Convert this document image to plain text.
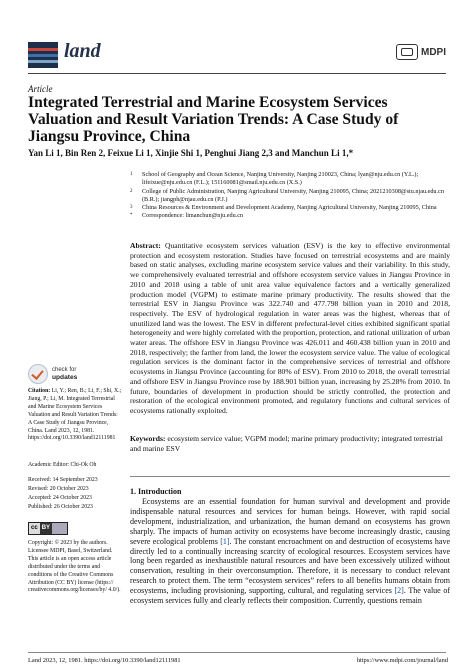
land	MDPI
Article
Integrated Terrestrial and Marine Ecosystem Services Valuation and Result Variation Trends: A Case Study of Jiangsu Province, China
Yan Li 1, Bin Ren 2, Feixue Li 1, Xinjie Shi 1, Penghui Jiang 2,3 and Manchun Li 1,*
1	School of Geography and Ocean Science, Nanjing University, Nanjing 210023, China; lyan@nju.edu.cn (Y.L.); lifeixue@nju.edu.cn (F.L.); 151160081@smail.nju.edu.cn (X.S.)
2	College of Public Administration, Nanjing Agricultural University, Nanjing 210095, China; 2021210308@stu.njau.edu.cn (B.R.); jiangph@njau.edu.cn (P.J.)
3	China Resources & Environment and Development Academy, Nanjing Agricultural University, Nanjing 210095, China
*	Correspondence: limanchun@nju.edu.cn
Abstract: Quantitative ecosystem services valuation (ESV) is the key to effective environmental protection and ecosystem restoration. Studies have focused on terrestrial ecosystems and are mainly based on static analyses, excluding marine ecosystem service values and their variability. In this study, we comprehensively evaluated terrestrial and offshore ecosystem service values in Jiangsu Province in 2010 and 2018 using a table of unit area value equivalence factors and a vertically generalized production model (VGPM) to estimate marine primary productivity. The results showed that the terrestrial ESV in Jiangsu Province was 322.740 and 477.798 billion yuan in 2010 and 2018, respectively. The ESV of hydrological regulation in water areas was the highest, whereas that of unutilized land was the lowest. The ESV in different prefectural-level cities exhibited significant spatial heterogeneity and were highly correlated with the proportion, protection, and rational utilization of urban water areas. The offshore ESV in Jiangsu Province was 426.011 and 460.438 billion yuan in 2010 and 2018, respectively; the farther from land, the lower the ecosystem service value. The value of ecological regulation services is the dominant factor in the comprehensive services of terrestrial and offshore ecosystems in Jiangsu Province (accounting for 80% of ESV). From 2010 to 2018, the overall terrestrial and offshore ESV in Jiangsu Province rose by 188.901 billion yuan, increasing by 25.28% from 2010. In future, boundaries of development in production should be strictly controlled, the protection and restoration of the ecological environment promoted, and regulatory functions and cultural services of ecosystems rationally exploited.
Keywords: ecosystem service value; VGPM model; marine primary productivity; integrated terrestrial and marine ESV
check for
updates
Citation: Li, Y.; Ren, B.; Li, F.; Shi, X.; Jiang, P.; Li, M. Integrated Terrestrial and Marine Ecosystem Services Valuation and Result Variation Trends: A Case Study of Jiangsu Province, China. Land 2023, 12, 1981. https://doi.org/10.3390/land12111981
Academic Editor: Chi-Ok Oh
Received: 14 September 2023
Revised: 20 October 2023
Accepted: 24 October 2023
Published: 26 October 2023
cc BY
Copyright: © 2023 by the authors. Licensee MDPI, Basel, Switzerland. This article is an open access article distributed under the terms and conditions of the Creative Commons Attribution (CC BY) license (https:// creativecommons.org/licenses/by/ 4.0/).
1. Introduction

Ecosystems are an essential foundation for human survival and development and provide indispensable natural resources and services for human beings. However, with rapid social development, industrialization, and urbanization, the human demand on ecosystems has grown sharply. The impacts of human activity on ecosystems have become increasingly drastic, causing severe ecological problems [1]. The constant encroachment on and destruction of ecosystems have directly led to a continually increasing scarcity of ecological resources. Ecosystem services have long been regarded as inexhaustible natural resources and have been excessively utilized without conservation, resulting in their overconsumption. Therefore, it is necessary to conduct relevant research to protect them. The term “ecosystem services” refers to all benefits humans obtain from ecosystems, including provisioning, supporting, cultural, and regulating services [2]. The value of ecosystem services fully and clearly reflects their composition. Currently, questions remain

Land 2023, 12, 1981. https://doi.org/10.3390/land12111981	https://www.mdpi.com/journal/land
